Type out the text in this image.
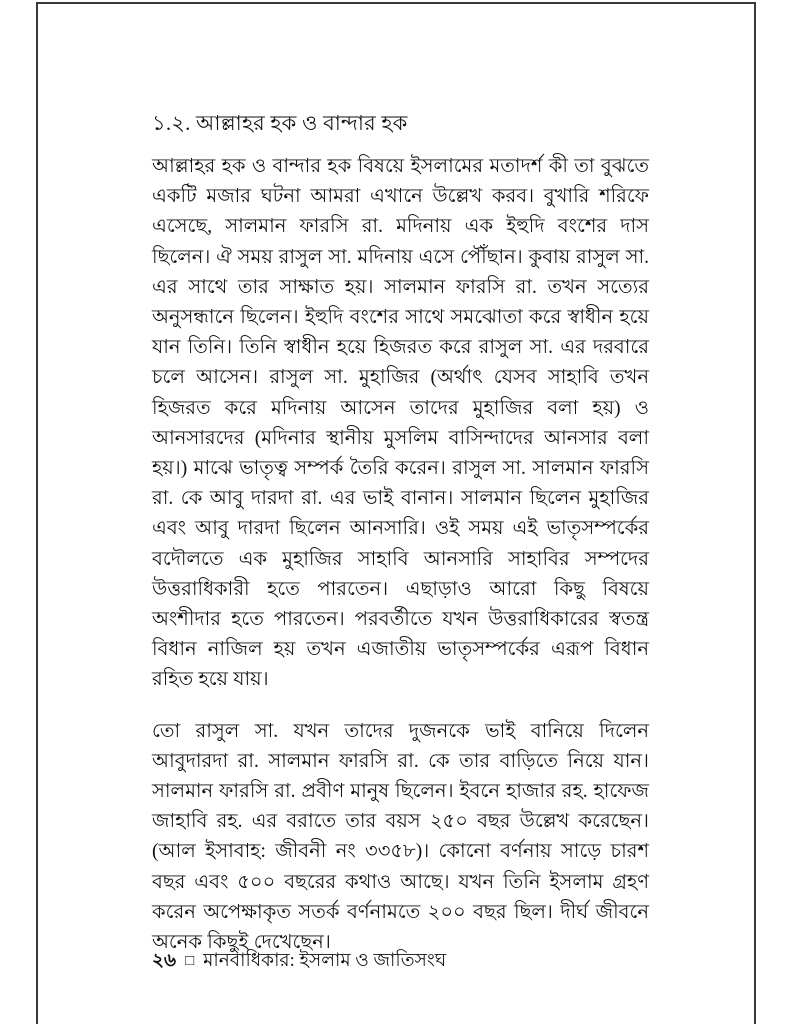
১.২. আল্লাহর হক ও বান্দার হক

আল্লাহর হক ও বান্দার হক বিষয়ে ইসলামের মতাদর্শ কী তা বুঝতে একটি মজার ঘটনা আমরা এখানে উল্লেখ করব। বুখারি শরিফে এসেছে, সালমান ফারসি রা. মদিনায় এক ইহুদি বংশের দাস ছিলেন। ঐ সময় রাসুল সা. মদিনায় এসে পৌঁছান। কুবায় রাসুল সা. এর সাথে তার সাক্ষাত হয়। সালমান ফারসি রা. তখন সত্যের অনুসন্ধানে ছিলেন। ইহুদি বংশের সাথে সমঝোতা করে স্বাধীন হয়ে যান তিনি। তিনি স্বাধীন হয়ে হিজরত করে রাসুল সা. এর দরবারে চলে আসেন। রাসুল সা. মুহাজির (অর্থাৎ যেসব সাহাবি তখন হিজরত করে মদিনায় আসেন তাদের মুহাজির বলা হয়) ও আনসারদের (মদিনার স্থানীয় মুসলিম বাসিন্দাদের আনসার বলা হয়।) মাঝে ভাতৃত্ব সম্পর্ক তৈরি করেন। রাসুল সা. সালমান ফারসি রা. কে আবু দারদা রা. এর ভাই বানান। সালমান ছিলেন মুহাজির এবং আবু দারদা ছিলেন আনসারি। ওই সময় এই ভাতৃসম্পর্কের বদৌলতে এক মুহাজির সাহাবি আনসারি সাহাবির সম্পদের উত্তরাধিকারী হতে পারতেন। এছাড়াও আরো কিছু বিষয়ে অংশীদার হতে পারতেন। পরবর্তীতে যখন উত্তরাধিকারের স্বতন্ত্র বিধান নাজিল হয় তখন এজাতীয় ভাতৃসম্পর্কের এরূপ বিধান রহিত হয়ে যায়।

তো রাসুল সা. যখন তাদের দুজনকে ভাই বানিয়ে দিলেন আবুদারদা রা. সালমান ফারসি রা. কে তার বাড়িতে নিয়ে যান। সালমান ফারসি রা. প্রবীণ মানুষ ছিলেন। ইবনে হাজার রহ. হাফেজ জাহাবি রহ. এর বরাতে তার বয়স ২৫০ বছর উল্লেখ করেছেন। (আল ইসাবাহ: জীবনী নং ৩৩৫৮)। কোনো বর্ণনায় সাড়ে চারশ বছর এবং ৫০০ বছরের কথাও আছে। যখন তিনি ইসলাম গ্রহণ করেন অপেক্ষাকৃত সতর্ক বর্ণনামতে ২০০ বছর ছিল। দীর্ঘ জীবনে অনেক কিছুই দেখেছেন।

২৬ □ মানবাধিকার: ইসলাম ও জাতিসংঘ
